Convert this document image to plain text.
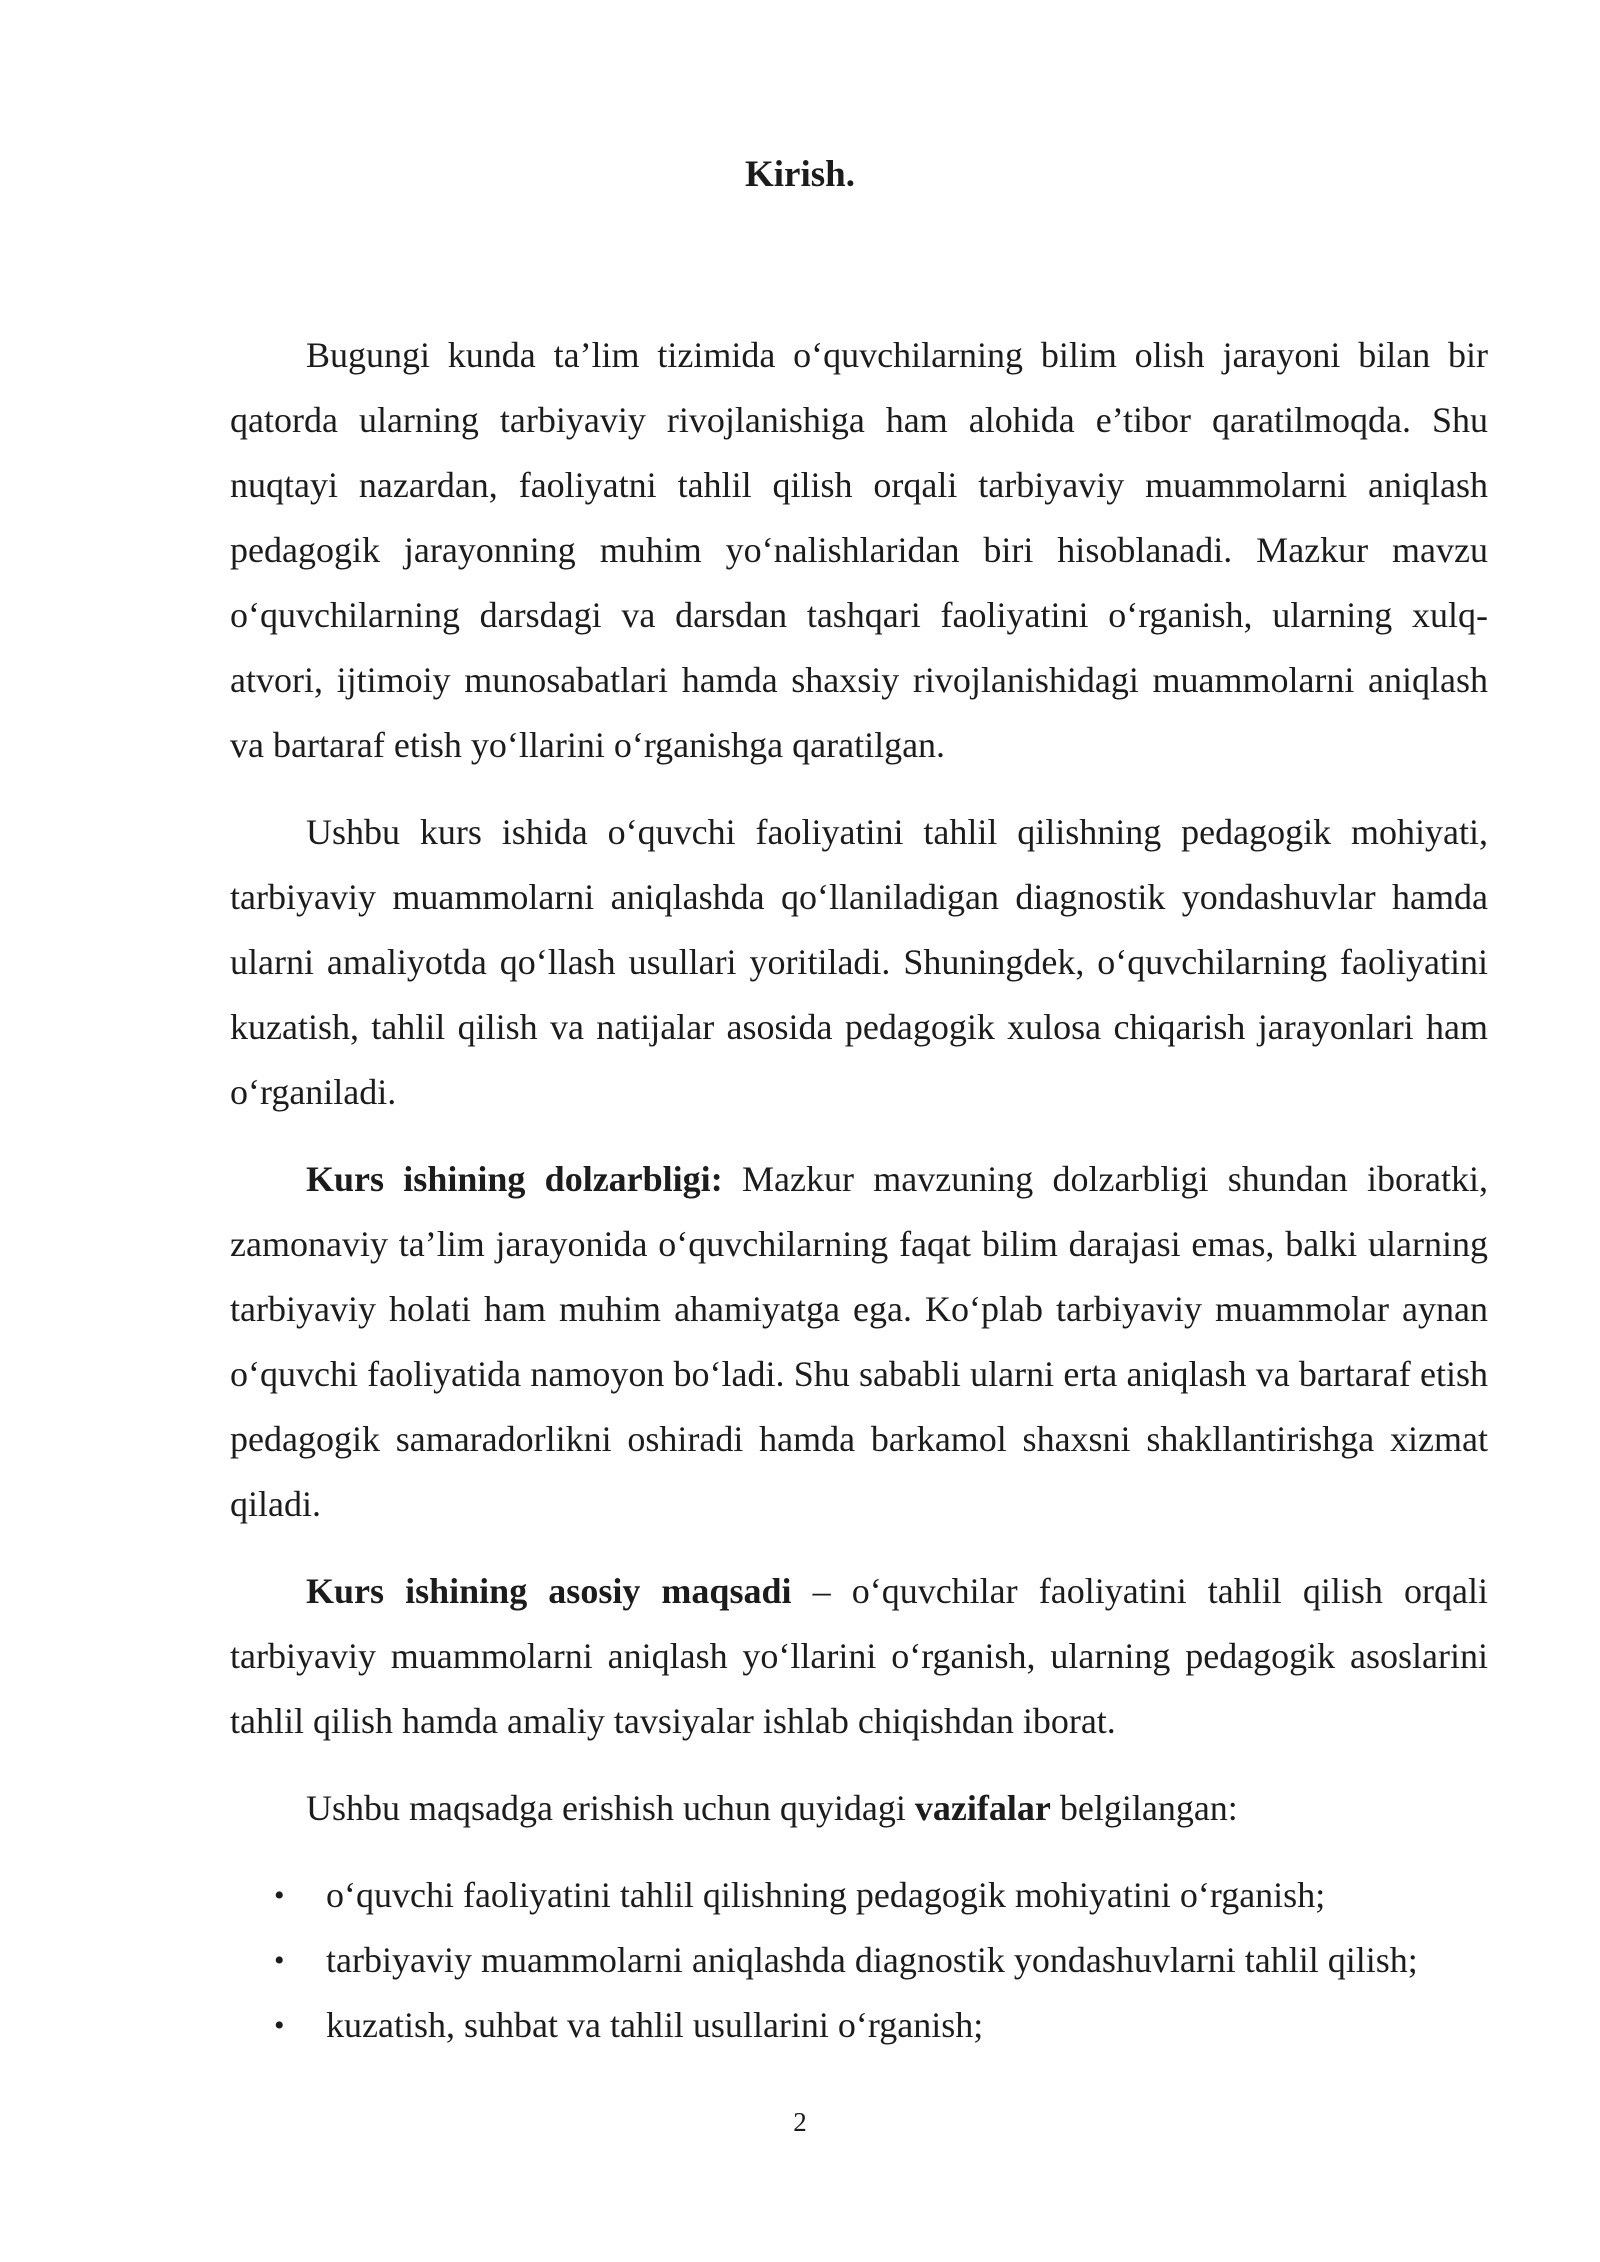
Kirish.

Bugungi kunda ta’lim tizimida o‘quvchilarning bilim olish jarayoni bilan bir qatorda ularning tarbiyaviy rivojlanishiga ham alohida e’tibor qaratilmoqda. Shu nuqtayi nazardan, faoliyatni tahlil qilish orqali tarbiyaviy muammolarni aniqlash pedagogik jarayonning muhim yo‘nalishlaridan biri hisoblanadi. Mazkur mavzu o‘quvchilarning darsdagi va darsdan tashqari faoliyatini o‘rganish, ularning xulq-atvori, ijtimoiy munosabatlari hamda shaxsiy rivojlanishidagi muammolarni aniqlash va bartaraf etish yo‘llarini o‘rganishga qaratilgan.

Ushbu kurs ishida o‘quvchi faoliyatini tahlil qilishning pedagogik mohiyati, tarbiyaviy muammolarni aniqlashda qo‘llaniladigan diagnostik yondashuvlar hamda ularni amaliyotda qo‘llash usullari yoritiladi. Shuningdek, o‘quvchilarning faoliyatini kuzatish, tahlil qilish va natijalar asosida pedagogik xulosa chiqarish jarayonlari ham o‘rganiladi.

Kurs ishining dolzarbligi: Mazkur mavzuning dolzarbligi shundan iboratki, zamonaviy ta’lim jarayonida o‘quvchilarning faqat bilim darajasi emas, balki ularning tarbiyaviy holati ham muhim ahamiyatga ega. Ko‘plab tarbiyaviy muammolar aynan o‘quvchi faoliyatida namoyon bo‘ladi. Shu sababli ularni erta aniqlash va bartaraf etish pedagogik samaradorlikni oshiradi hamda barkamol shaxsni shakllantirishga xizmat qiladi.

Kurs ishining asosiy maqsadi – o‘quvchilar faoliyatini tahlil qilish orqali tarbiyaviy muammolarni aniqlash yo‘llarini o‘rganish, ularning pedagogik asoslarini tahlil qilish hamda amaliy tavsiyalar ishlab chiqishdan iborat.

Ushbu maqsadga erishish uchun quyidagi vazifalar belgilangan:

• o‘quvchi faoliyatini tahlil qilishning pedagogik mohiyatini o‘rganish;
• tarbiyaviy muammolarni aniqlashda diagnostik yondashuvlarni tahlil qilish;
• kuzatish, suhbat va tahlil usullarini o‘rganish;
2
